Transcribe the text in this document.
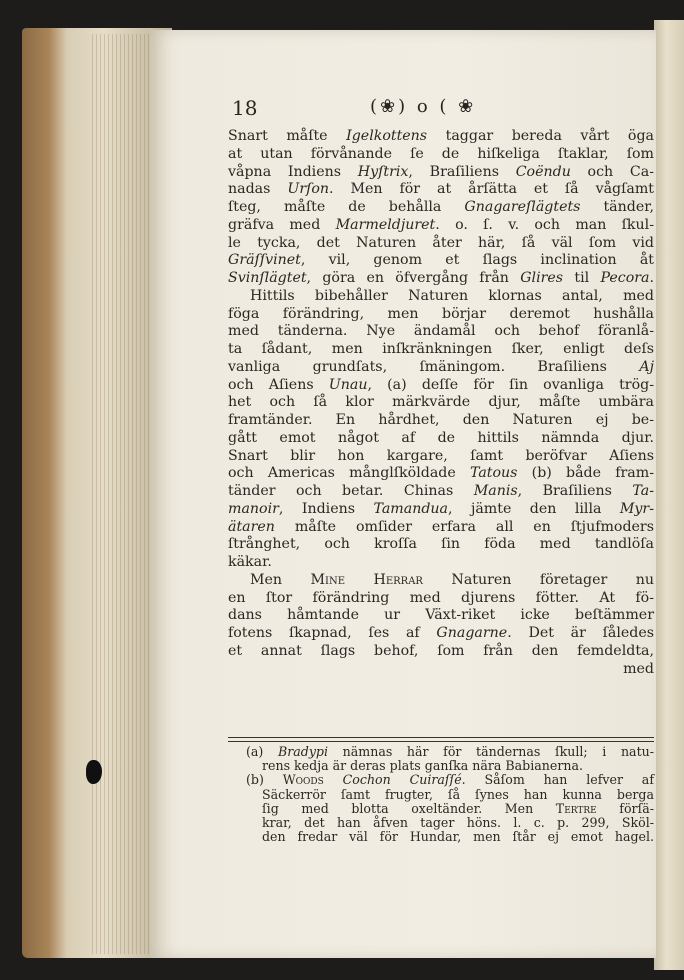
18	(❀) o ( ❀
Snart måſte Igelkottens taggar bereda vårt öga
at utan förvånande ſe de hiſkeliga ſtaklar, ſom
våpna Indiens Hyſtrix, Braſiliens Coëndu och Ca-
nadas Urſon. Men för at årſätta et ſå vågſamt
ſteg, måſte de behålla Gnagareſlägtets tänder,
gräfva med Marmeldjuret. o. ſ. v. och man ſkul-
le tycka, det Naturen åter här, ſå väl ſom vid
Gräſſvinet, vil, genom et ſlags inclination åt
Svinſlägtet, göra en öfvergång från Glires til Pecora.
Hittils bibehåller Naturen klornas antal, med
föga förändring, men börjar deremot hushålla
med tänderna. Nye ändamål och behof föranlå-
ta ſådant, men inſkränkningen ſker, enligt deſs
vanliga grundſats, ſmäningom. Braſiliens Aj
och Aſiens Unau, (a) deſſe för ſin ovanliga trög-
het och ſå klor märkvärde djur, måſte umbära
framtänder. En hårdhet, den Naturen ej be-
gått emot något af de hittils nämnda djur.
Snart blir hon kargare, ſamt beröfvar Aſiens
och Americas månglſköldade Tatous (b) både fram-
tänder och betar. Chinas Manis, Braſiliens Ta-
manoir, Indiens Tamandua, jämte den lilla Myr-
ätaren måſte omſider erfara all en ſtjufmoders
ſtrånghet, och kroſſa ſin föda med tandlöſa
käkar.
Men Mine Herrar Naturen företager nu
en ſtor förändring med djurens fötter. At fö-
dans håmtande ur Växt-riket icke beſtämmer
fotens ſkapnad, ſes af Gnagarne. Det är ſåledes
et annat ſlags behof, ſom från den femdeldta,
med
(a) Bradypi nämnas här för tändernas ſkull; i natu-
rens kedja är deras plats ganſka nära Babianerna.
(b) Woods Cochon Cuiraſſé. Såſom han lefver af
Säckerrör ſamt frugter, ſå ſynes han kunna berga
ſig med blotta oxeltänder. Men Tertre förſä-
krar, det han åfven tager höns. l. c. p. 299, Sköl-
den fredar väl för Hundar, men ſtår ej emot hagel.
